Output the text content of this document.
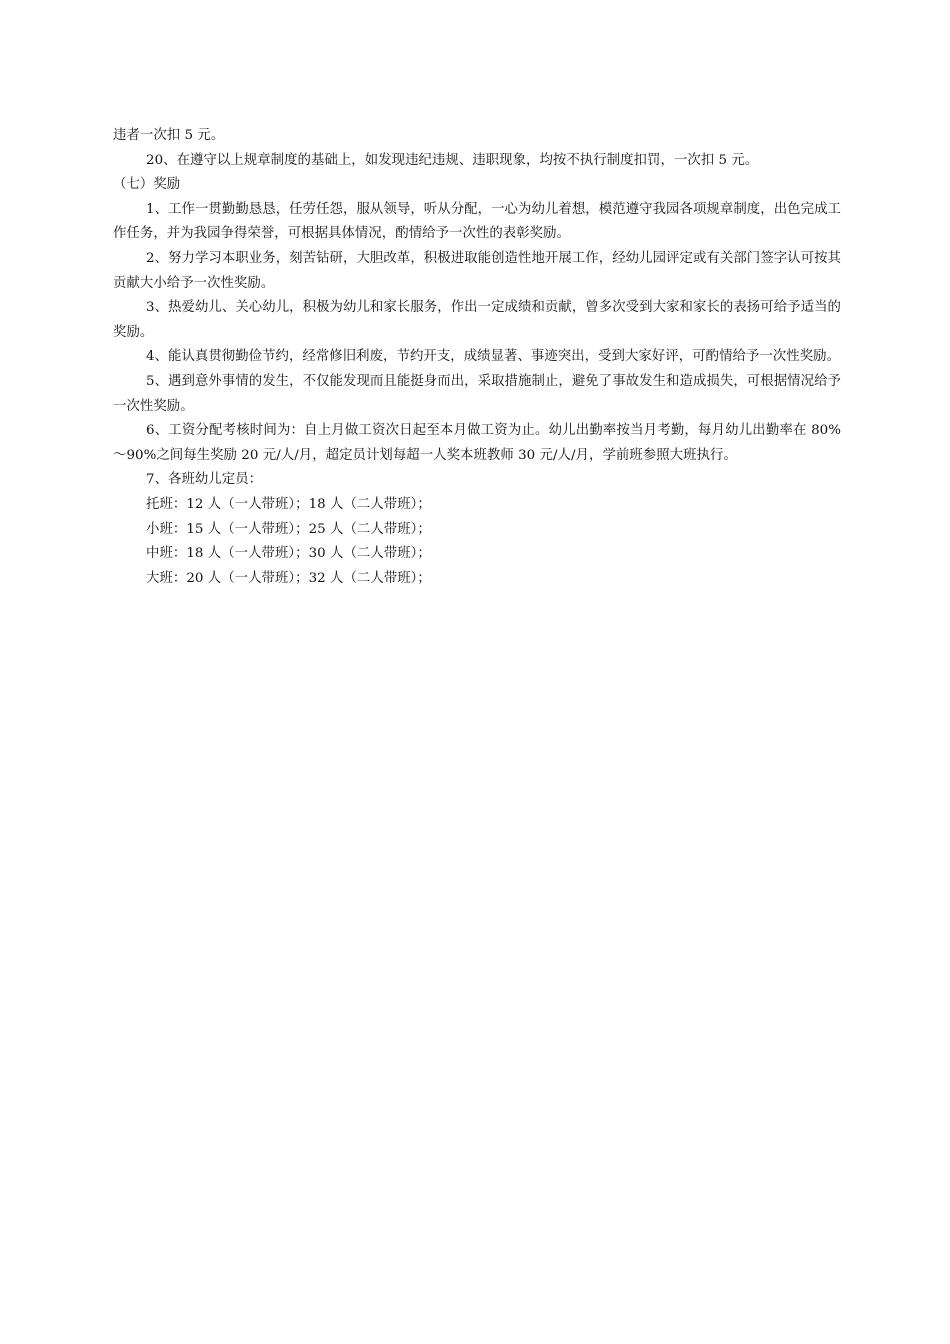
违者一次扣 5 元。

20、在遵守以上规章制度的基础上，如发现违纪违规、违职现象，均按不执行制度扣罚，一次扣 5 元。

（七）奖励

1、工作一贯勤勤恳恳，任劳任怨，服从领导，听从分配，一心为幼儿着想，模范遵守我园各项规章制度，出色完成工作任务，并为我园争得荣誉，可根据具体情况，酌情给予一次性的表彰奖励。

2、努力学习本职业务，刻苦钻研，大胆改革，积极进取能创造性地开展工作，经幼儿园评定或有关部门签字认可按其贡献大小给予一次性奖励。

3、热爱幼儿、关心幼儿，积极为幼儿和家长服务，作出一定成绩和贡献，曾多次受到大家和家长的表扬可给予适当的奖励。

4、能认真贯彻勤俭节约，经常修旧利废，节约开支，成绩显著、事迹突出，受到大家好评，可酌情给予一次性奖励。

5、遇到意外事情的发生，不仅能发现而且能挺身而出，采取措施制止，避免了事故发生和造成损失，可根据情况给予一次性奖励。

6、工资分配考核时间为：自上月做工资次日起至本月做工资为止。幼儿出勤率按当月考勤，每月幼儿出勤率在 80%～90%之间每生奖励 20 元/人/月，超定员计划每超一人奖本班教师 30 元/人/月，学前班参照大班执行。

7、各班幼儿定员：

托班：12 人（一人带班）；18 人（二人带班）；

小班：15 人（一人带班）；25 人（二人带班）；

中班：18 人（一人带班）；30 人（二人带班）；

大班：20 人（一人带班）；32 人（二人带班）；
